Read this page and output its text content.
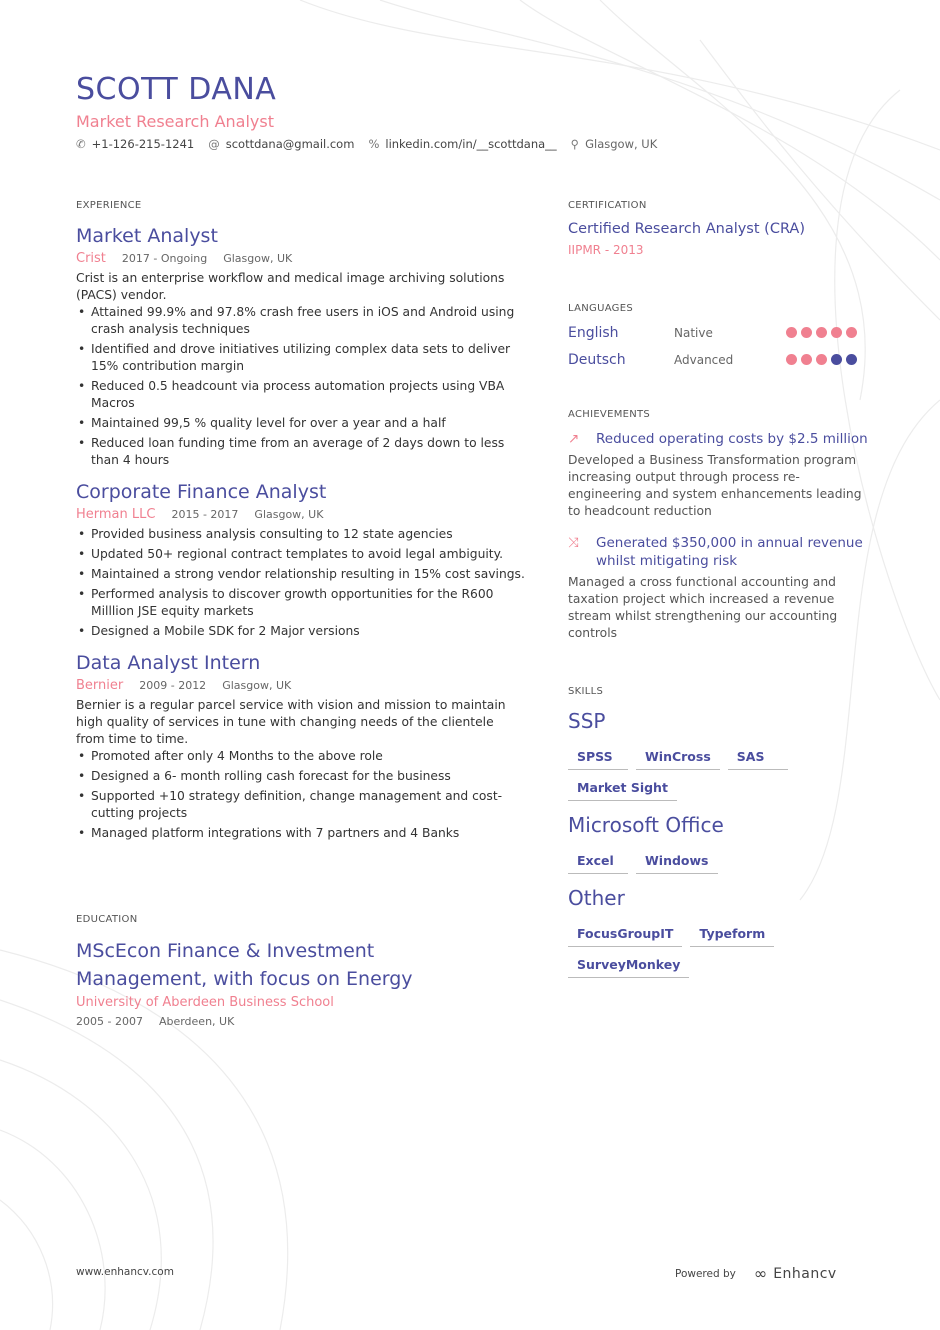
SCOTT DANA
Market Research Analyst
✆ +1-126-215-1241 @ scottdana@gmail.com % linkedin.com/in/__scottdana__ ⚲ Glasgow, UK
EXPERIENCE
Market Analyst
Crist 2017 - Ongoing Glasgow, UK
Crist is an enterprise workflow and medical image archiving solutions (PACS) vendor.
• Attained 99.9% and 97.8% crash free users in iOS and Android using crash analysis techniques
• Identified and drove initiatives utilizing complex data sets to deliver 15% contribution margin
• Reduced 0.5 headcount via process automation projects using VBA Macros
• Maintained 99,5 % quality level for over a year and a half
• Reduced loan funding time from an average of 2 days down to less than 4 hours
Corporate Finance Analyst
Herman LLC 2015 - 2017 Glasgow, UK
• Provided business analysis consulting to 12 state agencies
• Updated 50+ regional contract templates to avoid legal ambiguity.
• Maintained a strong vendor relationship resulting in 15% cost savings.
• Performed analysis to discover growth opportunities for the R600 Milllion JSE equity markets
• Designed a Mobile SDK for 2 Major versions
Data Analyst Intern
Bernier 2009 - 2012 Glasgow, UK
Bernier is a regular parcel service with vision and mission to maintain high quality of services in tune with changing needs of the clientele from time to time.
• Promoted after only 4 Months to the above role
• Designed a 6- month rolling cash forecast for the business
• Supported +10 strategy definition, change management and cost-cutting projects
• Managed platform integrations with 7 partners and 4 Banks
EDUCATION
MScEcon Finance & Investment Management, with focus on Energy
University of Aberdeen Business School
2005 - 2007 Aberdeen, UK
CERTIFICATION
Certified Research Analyst (CRA)
IIPMR - 2013
LANGUAGES
English	Native
Deutsch	Advanced
ACHIEVEMENTS
↗	Reduced operating costs by $2.5 million
Developed a Business Transformation program increasing output through process re-engineering and system enhancements leading to headcount reduction
⤨	Generated $350,000 in annual revenue whilst mitigating risk
Managed a cross functional accounting and taxation project which increased a revenue stream whilst strengthening our accounting controls
SKILLS
SSP
SPSS	WinCross	SAS
Market Sight
Microsoft Office
Excel	Windows
Other
FocusGroupIT	Typeform
SurveyMonkey
www.enhancv.com	Powered by ∞ Enhancv
